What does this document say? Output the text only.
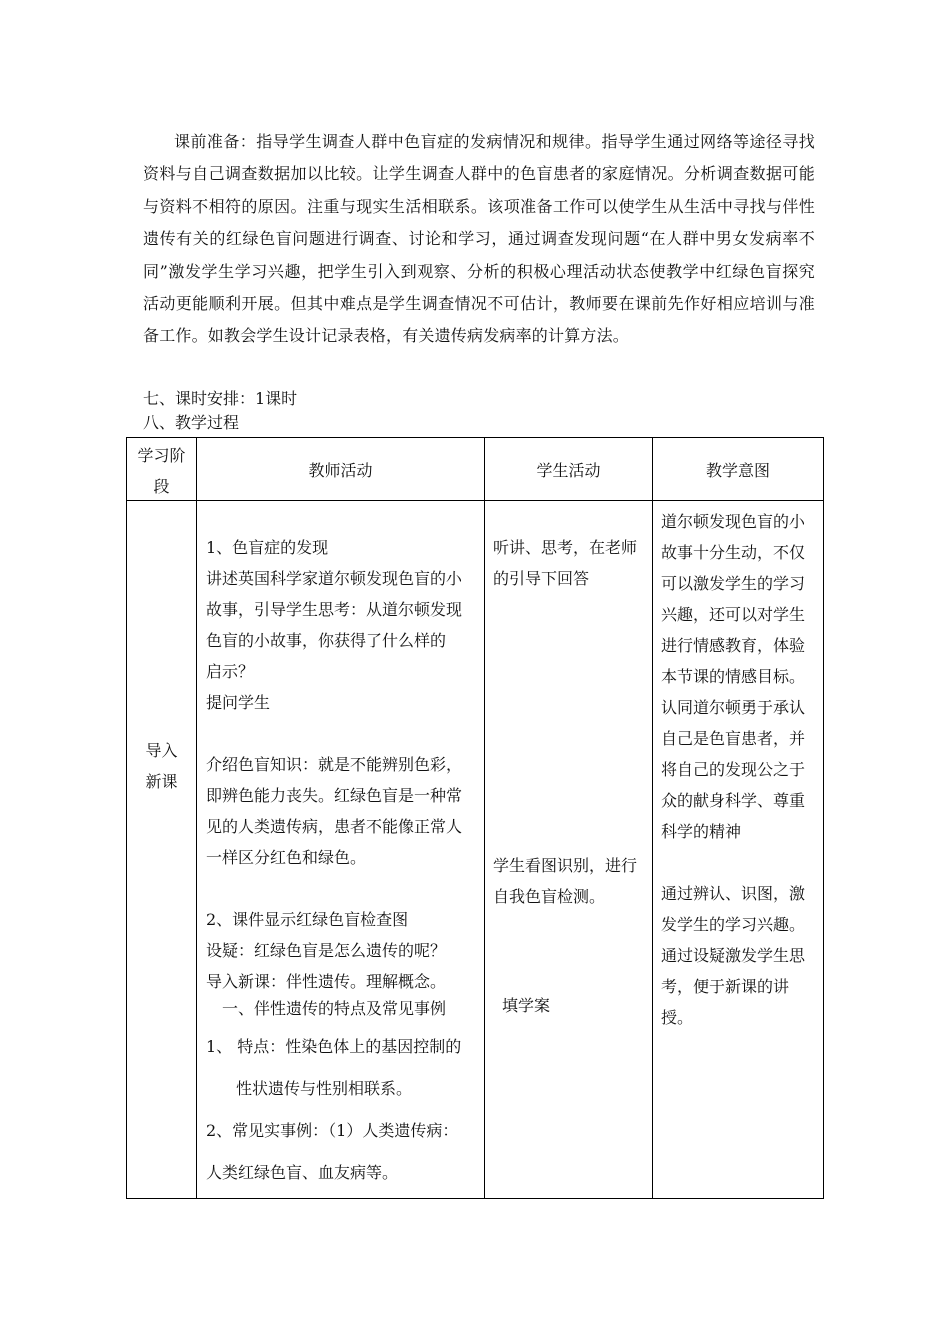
课前准备：指导学生调查人群中色盲症的发病情况和规律。指导学生通过网络等途径寻找资料与自己调查数据加以比较。让学生调查人群中的色盲患者的家庭情况。分析调查数据可能与资料不相符的原因。注重与现实生活相联系。该项准备工作可以使学生从生活中寻找与伴性遗传有关的红绿色盲问题进行调查、讨论和学习，通过调查发现问题“在人群中男女发病率不同”激发学生学习兴趣，把学生引入到观察、分析的积极心理活动状态使教学中红绿色盲探究活动更能顺利开展。但其中难点是学生调查情况不可估计，教师要在课前先作好相应培训与准备工作。如教会学生设计记录表格，有关遗传病发病率的计算方法。
七、课时安排：1课时
八、教学过程
学习阶
段
教师活动	学生活动	教学意图
导入
新课
1、色盲症的发现
讲述英国科学家道尔顿发现色盲的小
故事，引导学生思考：从道尔顿发现
色盲的小故事，你获得了什么样的
启示？
提问学生
介绍色盲知识：就是不能辨别色彩，
即辨色能力丧失。红绿色盲是一种常
见的人类遗传病，患者不能像正常人
一样区分红色和绿色。
2、课件显示红绿色盲检查图
设疑：红绿色盲是怎么遗传的呢？
导入新课：伴性遗传。理解概念。
一、伴性遗传的特点及常见事例
1、 特点：性染色体上的基因控制的
性状遗传与性别相联系。
2、常见实事例：（1）人类遗传病：
人类红绿色盲、血友病等。
听讲、思考，在老师
的引导下回答
学生看图识别，进行
自我色盲检测。
填学案
道尔顿发现色盲的小
故事十分生动，不仅
可以激发学生的学习
兴趣，还可以对学生
进行情感教育，体验
本节课的情感目标。
认同道尔顿勇于承认
自己是色盲患者，并
将自己的发现公之于
众的献身科学、尊重
科学的精神
通过辨认、识图，激
发学生的学习兴趣。
通过设疑激发学生思
考，便于新课的讲
授。
